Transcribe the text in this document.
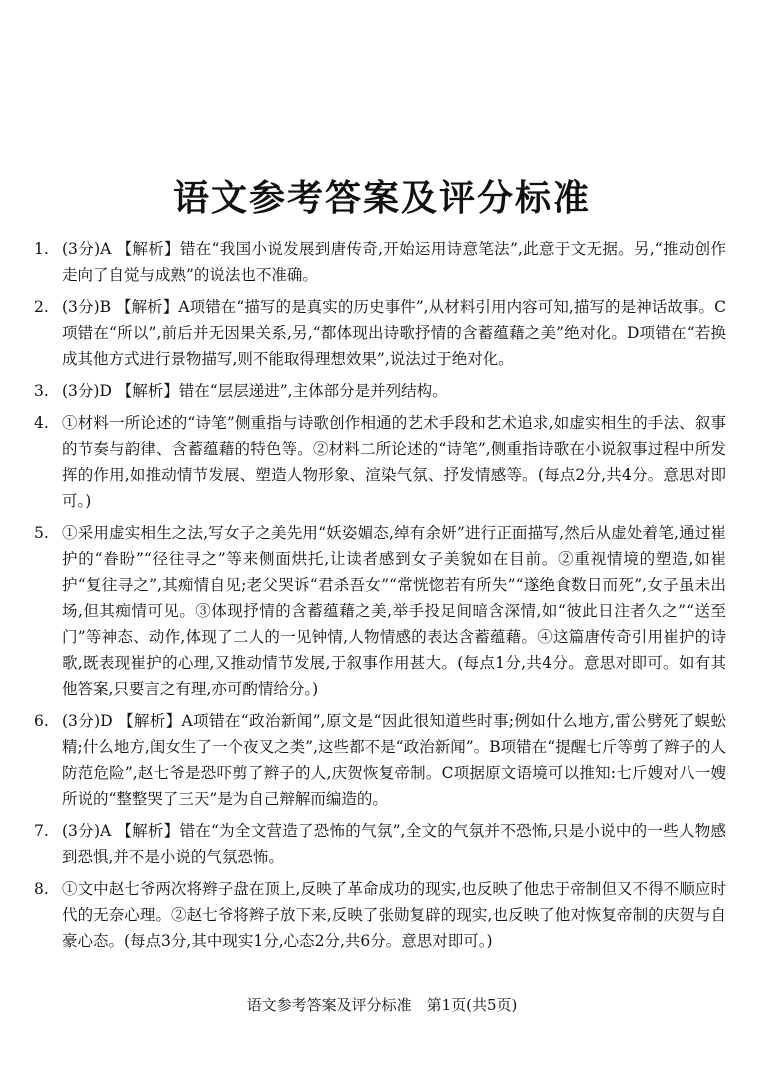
语文参考答案及评分标准
1. (3分)A 【解析】错在“我国小说发展到唐传奇,开始运用诗意笔法”,此意于文无据。另,“推动创作走向了自觉与成熟”的说法也不准确。
2. (3分)B 【解析】A项错在“描写的是真实的历史事件”,从材料引用内容可知,描写的是神话故事。C项错在“所以”,前后并无因果关系,另,“都体现出诗歌抒情的含蓄蕴藉之美”绝对化。D项错在“若换成其他方式进行景物描写,则不能取得理想效果”,说法过于绝对化。
3. (3分)D 【解析】错在“层层递进”,主体部分是并列结构。
4. ①材料一所论述的“诗笔”侧重指与诗歌创作相通的艺术手段和艺术追求,如虚实相生的手法、叙事的节奏与韵律、含蓄蕴藉的特色等。②材料二所论述的“诗笔”,侧重指诗歌在小说叙事过程中所发挥的作用,如推动情节发展、塑造人物形象、渲染气氛、抒发情感等。(每点2分,共4分。意思对即可。)
5. ①采用虚实相生之法,写女子之美先用“妖姿媚态,绰有余妍”进行正面描写,然后从虚处着笔,通过崔护的“眷盼”“径往寻之”等来侧面烘托,让读者感到女子美貌如在目前。②重视情境的塑造,如崔护“复往寻之”,其痴情自见;老父哭诉“君杀吾女”“常恍惚若有所失”“遂绝食数日而死”,女子虽未出场,但其痴情可见。③体现抒情的含蓄蕴藉之美,举手投足间暗含深情,如“彼此日注者久之”“送至门”等神态、动作,体现了二人的一见钟情,人物情感的表达含蓄蕴藉。④这篇唐传奇引用崔护的诗歌,既表现崔护的心理,又推动情节发展,于叙事作用甚大。(每点1分,共4分。意思对即可。如有其他答案,只要言之有理,亦可酌情给分。)
6. (3分)D 【解析】A项错在“政治新闻”,原文是“因此很知道些时事;例如什么地方,雷公劈死了蜈蚣精;什么地方,闺女生了一个夜叉之类”,这些都不是“政治新闻”。B项错在“提醒七斤等剪了辫子的人防范危险”,赵七爷是恐吓剪了辫子的人,庆贺恢复帝制。C项据原文语境可以推知:七斤嫂对八一嫂所说的“整整哭了三天”是为自己辩解而编造的。
7. (3分)A 【解析】错在“为全文营造了恐怖的气氛”,全文的气氛并不恐怖,只是小说中的一些人物感到恐惧,并不是小说的气氛恐怖。
8. ①文中赵七爷两次将辫子盘在顶上,反映了革命成功的现实,也反映了他忠于帝制但又不得不顺应时代的无奈心理。②赵七爷将辫子放下来,反映了张勋复辟的现实,也反映了他对恢复帝制的庆贺与自豪心态。(每点3分,其中现实1分,心态2分,共6分。意思对即可。)
语文参考答案及评分标准　第1页(共5页)
